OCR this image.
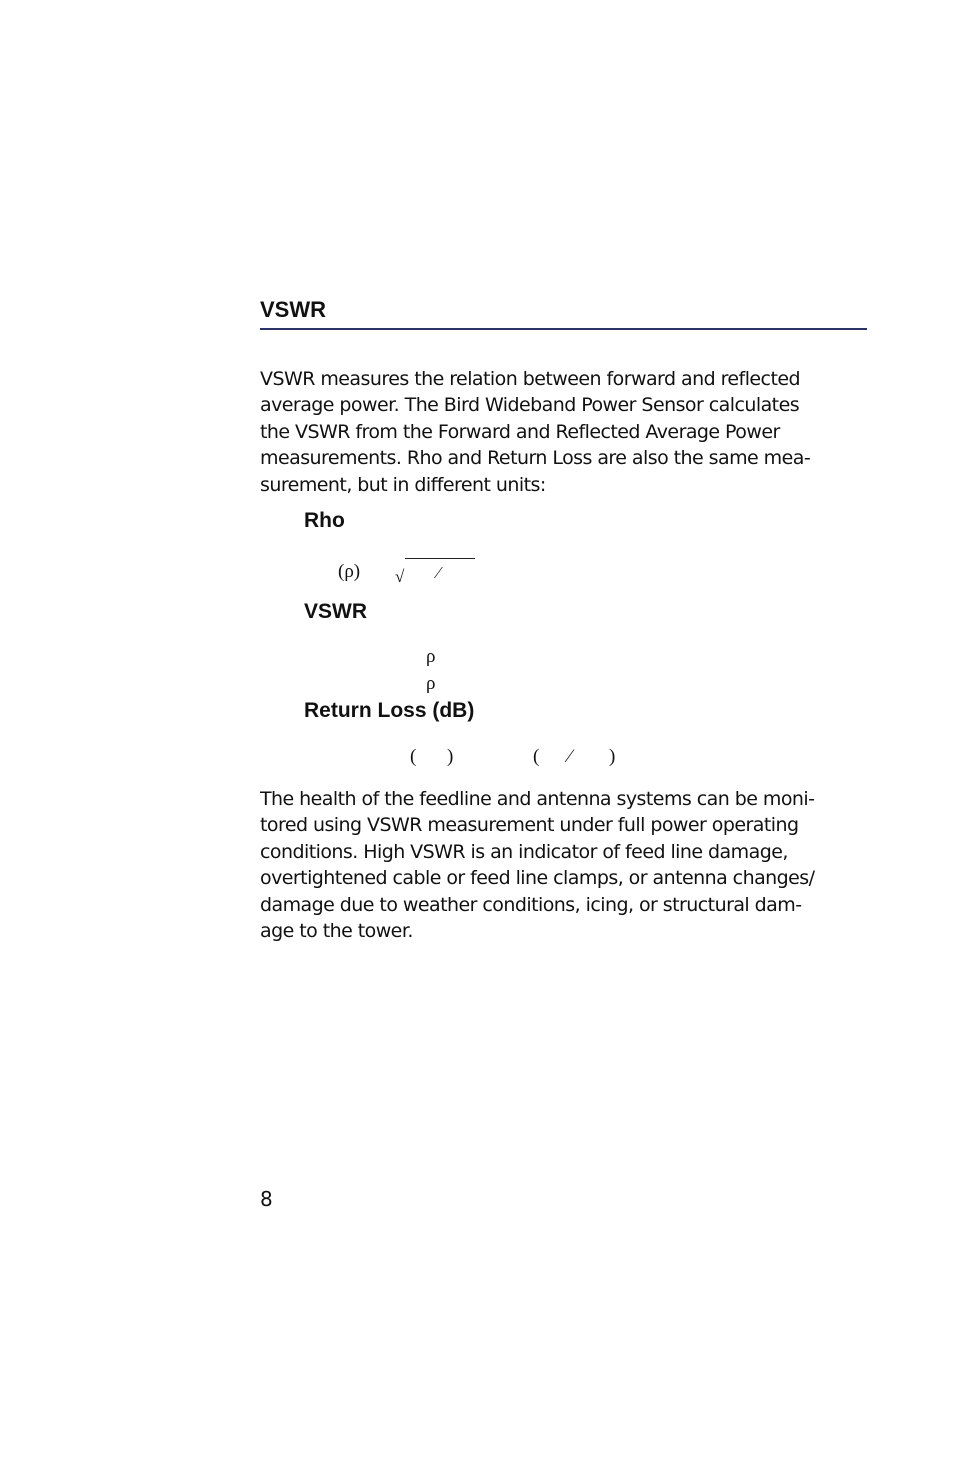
VSWR

VSWR measures the relation between forward and reflected
average power. The Bird Wideband Power Sensor calculates
the VSWR from the Forward and Reflected Average Power
measurements. Rho and Return Loss are also the same mea-
surement, but in different units:

Rho
(ρ) √ ⁄
VSWR
ρ
ρ
Return Loss (dB)
( )	( ⁄ )

The health of the feedline and antenna systems can be moni-
tored using VSWR measurement under full power operating
conditions. High VSWR is an indicator of feed line damage,
overtightened cable or feed line clamps, or antenna changes/
damage due to weather conditions, icing, or structural dam-
age to the tower.

8
